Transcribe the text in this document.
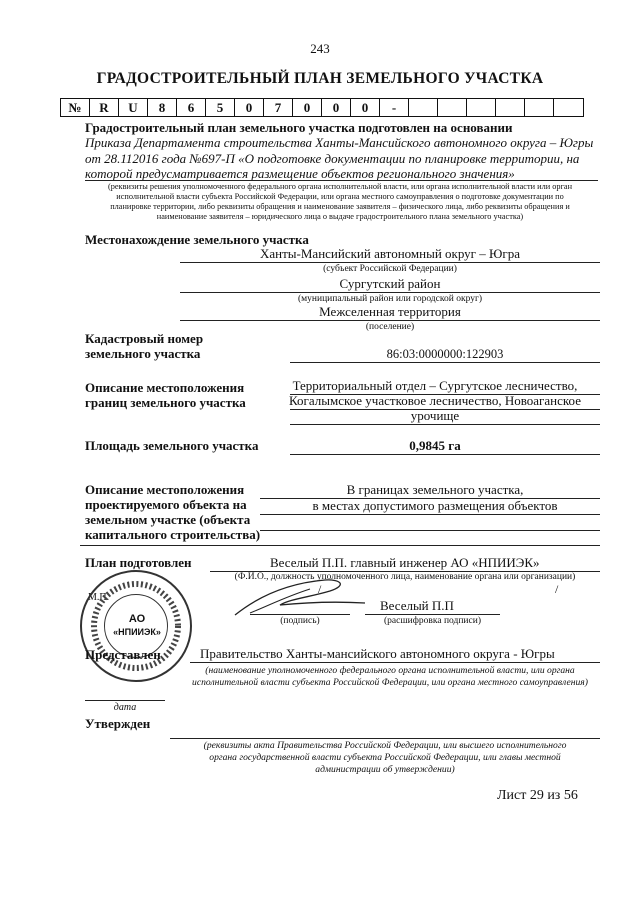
243
ГРАДОСТРОИТЕЛЬНЫЙ ПЛАН ЗЕМЕЛЬНОГО УЧАСТКА
№	R	U	8	6	5	0	7	0	0	0	-
Градостроительный план земельного участка подготовлен на основании
Приказа Департамента строительства Ханты-Мансийского автономного округа – Югры
от 28.112016 года №697-П «О подготовке документации по планировке территории, на
которой предусматривается размещение объектов регионального значения»
(реквизиты решения уполномоченного федерального органа исполнительной власти, или органа исполнительной власти или орган
исполнительной власти субъекта Российской Федерации, или органа местного самоуправления о подготовке документации по
планировке территории, либо реквизиты обращения и наименование заявителя – физического лица, либо реквизиты обращения и
наименование заявителя – юридического лица о выдаче градостроительного плана земельного участка)
Местонахождение земельного участка
Ханты-Мансийский автономный округ – Югра
(субъект Российской Федерации)
Сургутский район
(муниципальный район или городской округ)
Межселенная территория
(поселение)
Кадастровый номер
земельного участка	86:03:0000000:122903
Описание местоположения
границ земельного участка
Территориальный отдел – Сургутское лесничество,
Когалымское участковое лесничество, Новоаганское
урочище
Площадь земельного участка	0,9845 га
Описание местоположения
проектируемого объекта на
земельном участке (объекта
капитального строительства)
В границах земельного участка,
в местах допустимого размещения объектов
План подготовлен	Веселый П.П. главный инженер АО «НПИИЭК»
(Ф.И.О., должность уполномоченного лица, наименование органа или организации)
М.П.
/	/
Веселый П.П
(подпись)	(расшифровка подписи)
АО
«НПИИЭК»
Представлен	Правительство Ханты-мансийского автономного округа - Югры
(наименование уполномоченного федерального органа исполнительной власти, или органа
исполнительной власти субъекта Российской Федерации, или органа местного самоуправления)
дата
Утвержден
(реквизиты акта Правительства Российской Федерации, или высшего исполнительного
органа государственной власти субъекта Российской Федерации, или главы местной
администрации об утверждении)
Лист 29 из 56
